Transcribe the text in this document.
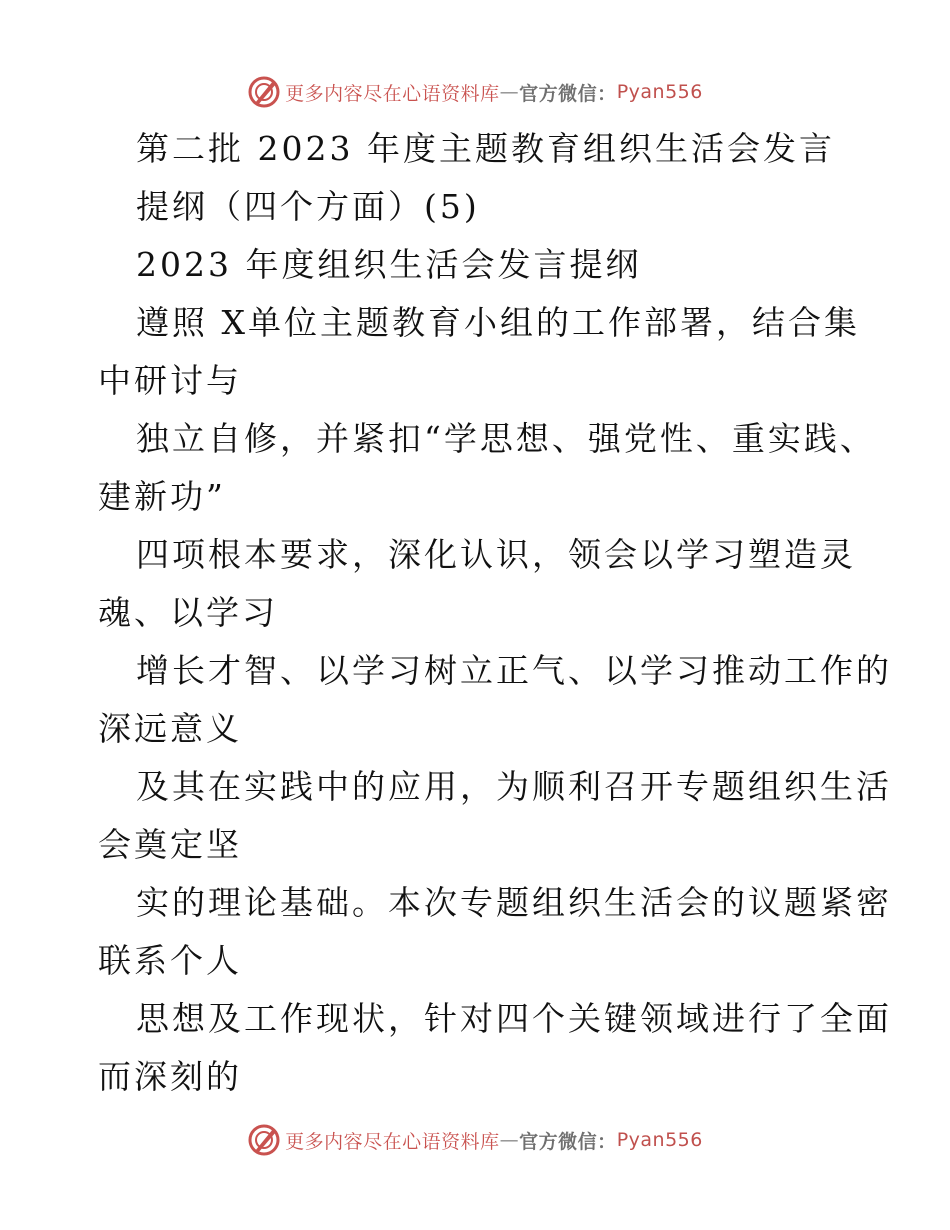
更多内容尽在心语资料库 — 官方微信： Pyan556
第二批 2023 年度主题教育组织生活会发言
提纲（四个方面）(5)
2023 年度组织生活会发言提纲
遵照 X单位主题教育小组的工作部署，结合集
中研讨与
独立自修，并紧扣“学思想、强党性、重实践、
建新功”
四项根本要求，深化认识，领会以学习塑造灵
魂、以学习
增长才智、以学习树立正气、以学习推动工作的
深远意义
及其在实践中的应用，为顺利召开专题组织生活
会奠定坚
实的理论基础。本次专题组织生活会的议题紧密
联系个人
思想及工作现状，针对四个关键领域进行了全面
而深刻的
更多内容尽在心语资料库 — 官方微信： Pyan556
